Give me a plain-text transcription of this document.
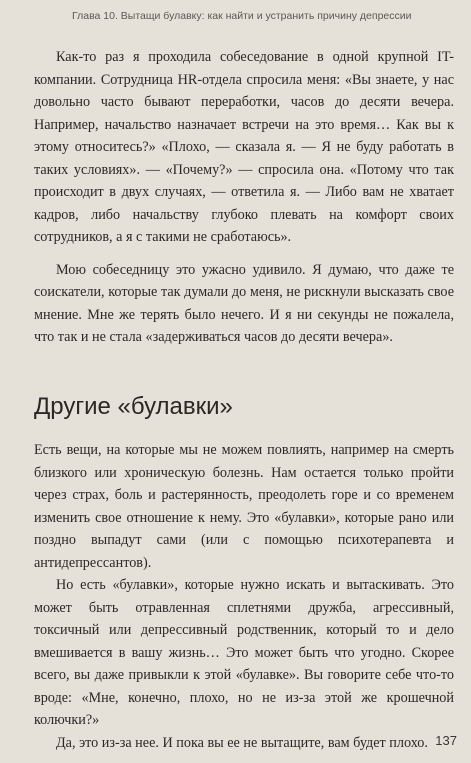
Глава 10. Вытащи булавку: как найти и устранить причину депрессии

Как-то раз я проходила собеседование в одной крупной IT-компании. Сотрудница HR-отдела спросила меня: «Вы знаете, у нас довольно часто бывают переработки, часов до десяти вечера. Например, начальство назначает встречи на это время… Как вы к этому относитесь?» «Плохо, — сказала я. — Я не буду работать в таких условиях». — «Почему?» — спросила она. «Потому что так происходит в двух случаях, — ответила я. — Либо вам не хватает кадров, либо начальству глубоко плевать на комфорт своих сотрудников, а я с такими не сработаюсь».

Мою собеседницу это ужасно удивило. Я думаю, что даже те соискатели, которые так думали до меня, не рискнули высказать свое мнение. Мне же терять было нечего. И я ни секунды не пожалела, что так и не стала «задерживаться часов до десяти вечера».

Другие «булавки»

Есть вещи, на которые мы не можем повлиять, например на смерть близкого или хроническую болезнь. Нам остается только пройти через страх, боль и растерянность, преодолеть горе и со временем изменить свое отношение к нему. Это «булавки», которые рано или поздно выпадут сами (или с помощью психотерапевта и антидепрессантов).

Но есть «булавки», которые нужно искать и вытаскивать. Это может быть отравленная сплетнями дружба, агрессивный, токсичный или депрессивный родственник, который то и дело вмешивается в вашу жизнь… Это может быть что угодно. Скорее всего, вы даже привыкли к этой «булавке». Вы говорите себе что-то вроде: «Мне, конечно, плохо, но не из-за этой же крошечной колючки?»

Да, это из-за нее. И пока вы ее не вытащите, вам будет плохо. 137
